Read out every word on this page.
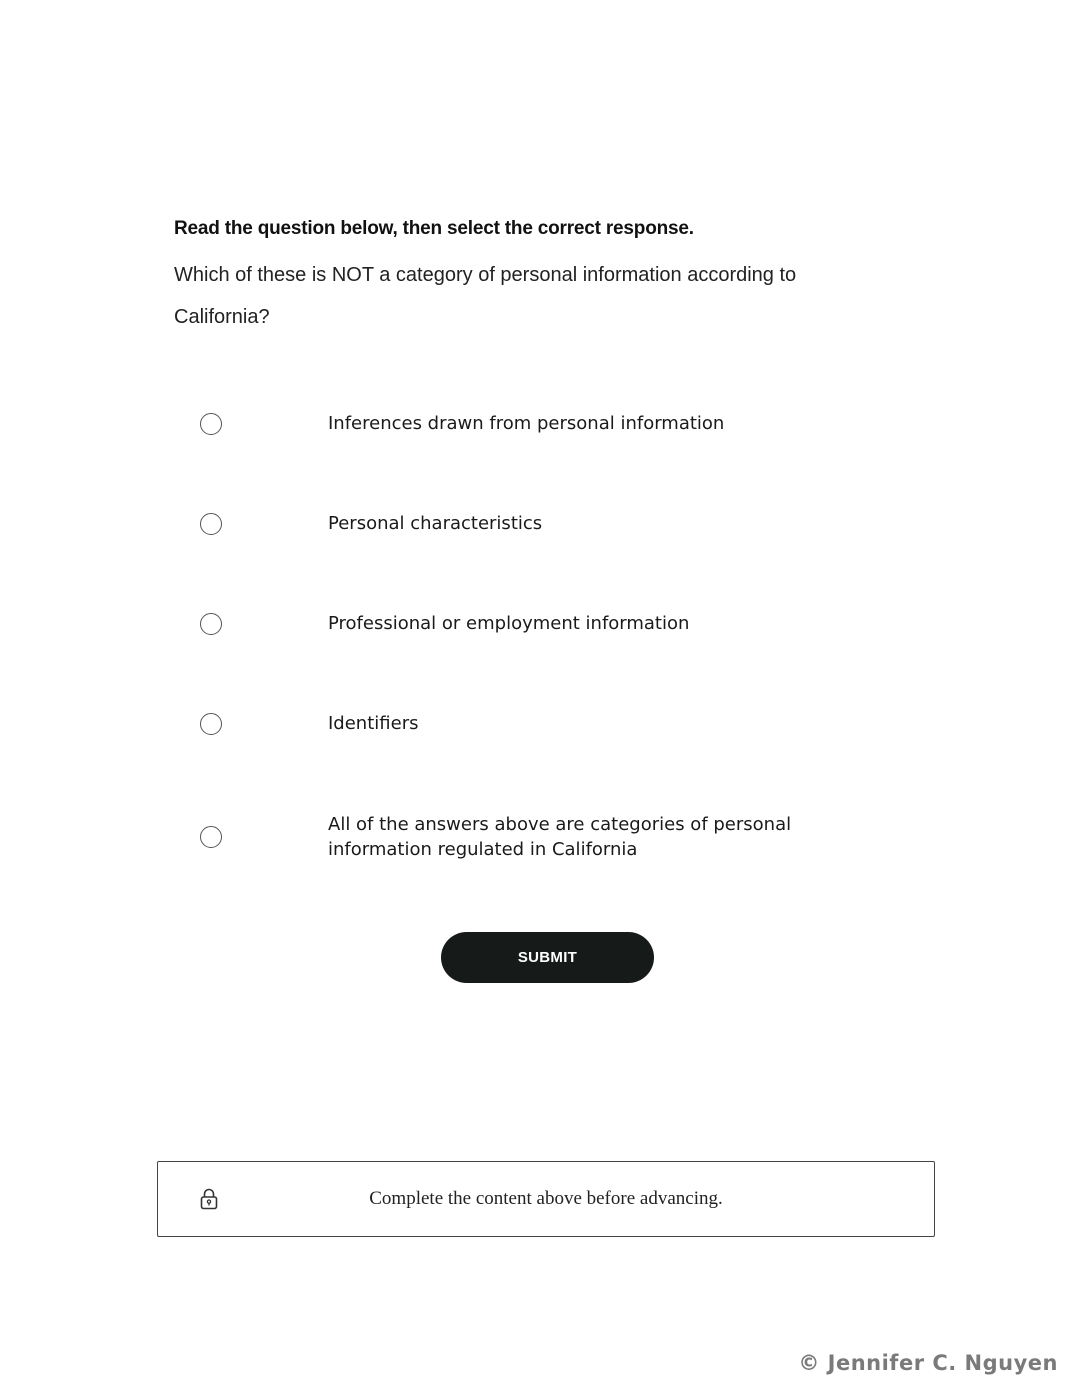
Read the question below, then select the correct response.

Which of these is NOT a category of personal information according to California?

Inferences drawn from personal information
Personal characteristics
Professional or employment information
Identifiers
All of the answers above are categories of personal information regulated in California
SUBMIT
Complete the content above before advancing.
© Jennifer C. Nguyen
